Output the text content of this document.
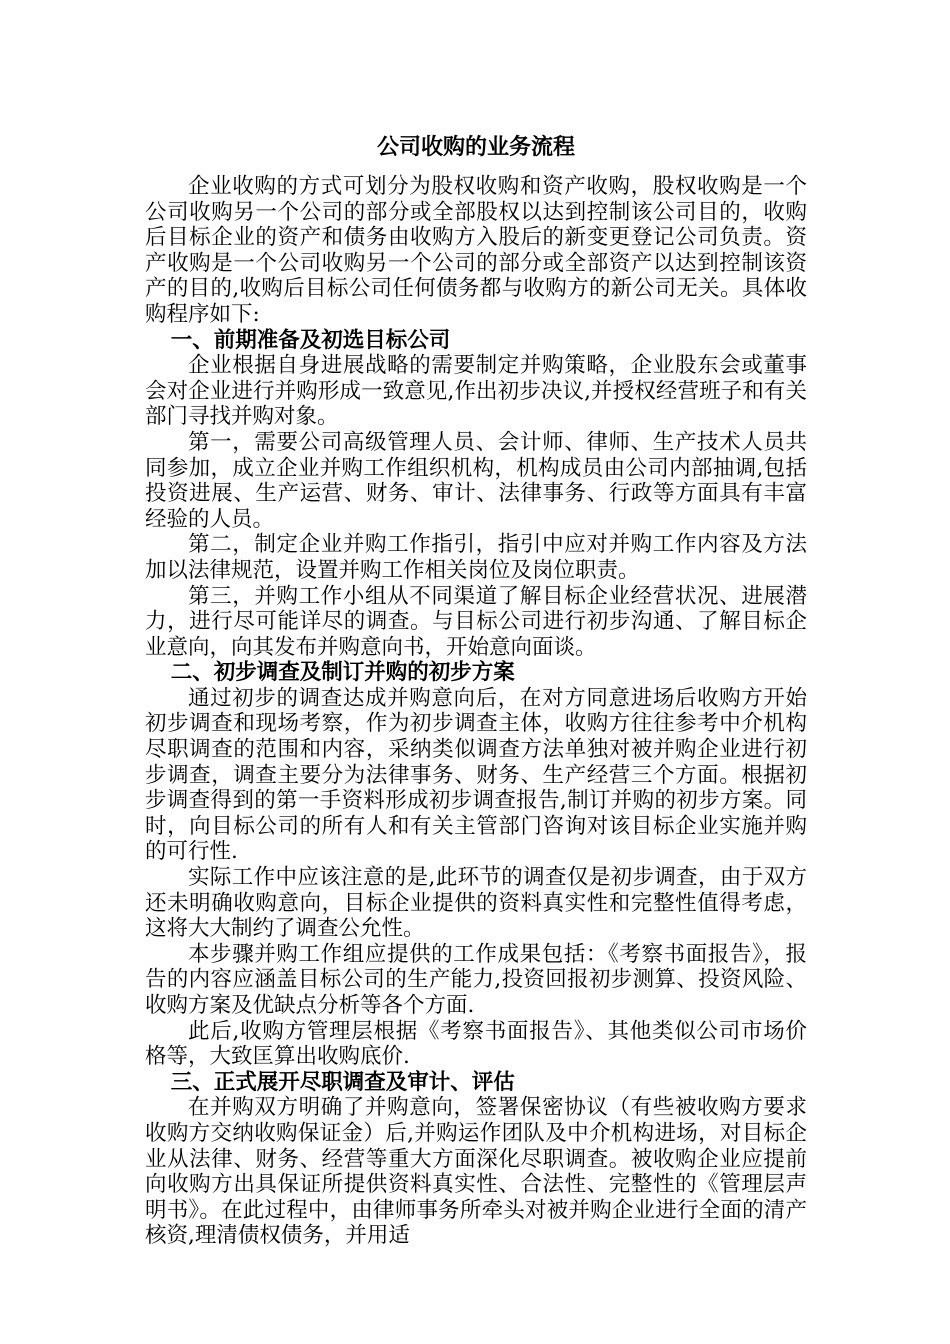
公司收购的业务流程

企业收购的方式可划分为股权收购和资产收购，股权收购是一个公司收购另一个公司的部分或全部股权以达到控制该公司目的，收购后目标企业的资产和债务由收购方入股后的新变更登记公司负责。资产收购是一个公司收购另一个公司的部分或全部资产以达到控制该资产的目的,收购后目标公司任何债务都与收购方的新公司无关。具体收购程序如下:

一、前期准备及初选目标公司

企业根据自身进展战略的需要制定并购策略，企业股东会或董事会对企业进行并购形成一致意见,作出初步决议,并授权经营班子和有关部门寻找并购对象。

第一，需要公司高级管理人员、会计师、律师、生产技术人员共同参加，成立企业并购工作组织机构，机构成员由公司内部抽调,包括投资进展、生产运营、财务、审计、法律事务、行政等方面具有丰富经验的人员。

第二，制定企业并购工作指引，指引中应对并购工作内容及方法加以法律规范，设置并购工作相关岗位及岗位职责。

第三，并购工作小组从不同渠道了解目标企业经营状况、进展潜力，进行尽可能详尽的调查。与目标公司进行初步沟通、了解目标企业意向，向其发布并购意向书，开始意向面谈。

二、初步调查及制订并购的初步方案

通过初步的调查达成并购意向后，在对方同意进场后收购方开始初步调查和现场考察，作为初步调查主体，收购方往往参考中介机构尽职调查的范围和内容，采纳类似调查方法单独对被并购企业进行初步调查，调查主要分为法律事务、财务、生产经营三个方面。根据初步调查得到的第一手资料形成初步调查报告,制订并购的初步方案。同时，向目标公司的所有人和有关主管部门咨询对该目标企业实施并购的可行性.

实际工作中应该注意的是,此环节的调查仅是初步调查，由于双方还未明确收购意向，目标企业提供的资料真实性和完整性值得考虑，这将大大制约了调查公允性。

本步骤并购工作组应提供的工作成果包括：《考察书面报告》，报告的内容应涵盖目标公司的生产能力,投资回报初步测算、投资风险、收购方案及优缺点分析等各个方面.

此后,收购方管理层根据《考察书面报告》、其他类似公司市场价格等，大致匡算出收购底价.

三、正式展开尽职调查及审计、评估

在并购双方明确了并购意向，签署保密协议（有些被收购方要求收购方交纳收购保证金）后,并购运作团队及中介机构进场，对目标企业从法律、财务、经营等重大方面深化尽职调查。被收购企业应提前向收购方出具保证所提供资料真实性、合法性、完整性的《管理层声明书》。在此过程中，由律师事务所牵头对被并购企业进行全面的清产核资,理清债权债务，并用适
